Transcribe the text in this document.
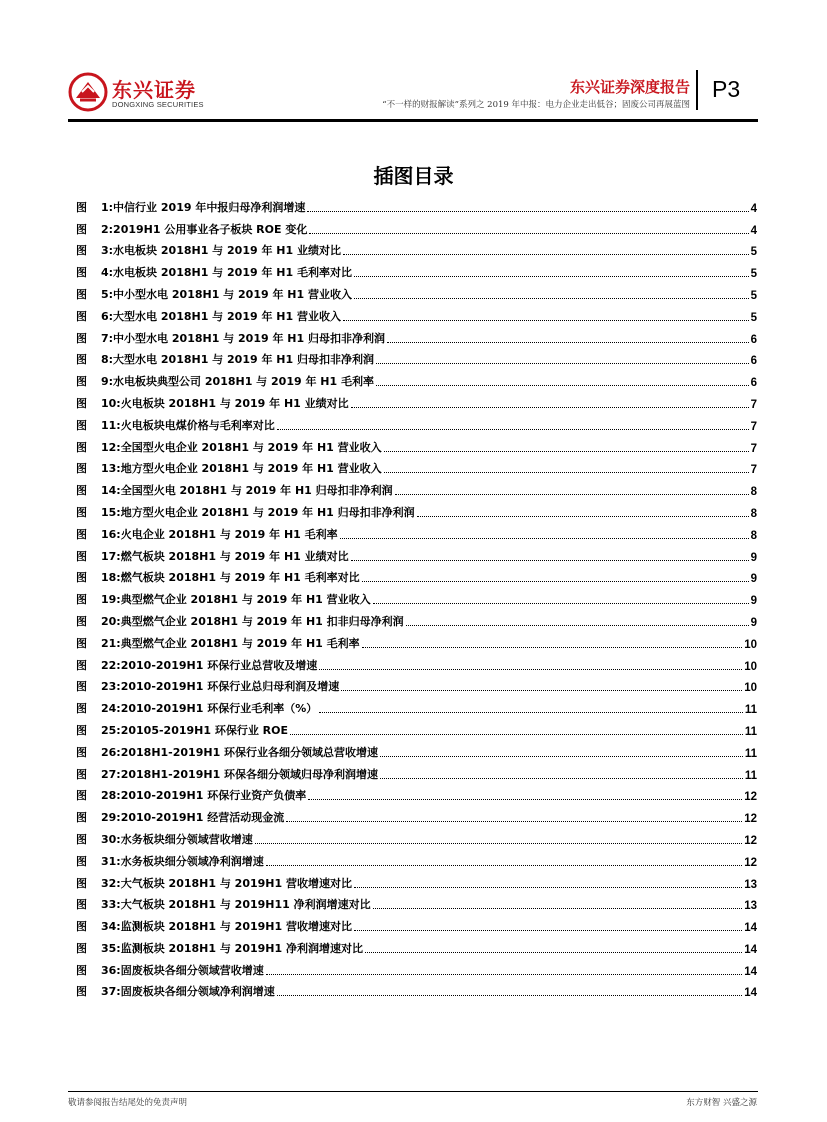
东兴证券
DONGXING SECURITIES
东兴证券深度报告
“不一样的财报解读”系列之 2019 年中报：电力企业走出低谷；固废公司再展蓝图
P3
插图目录
图 1:中信行业 2019 年中报归母净利润增速	4
图 2:2019H1 公用事业各子板块 ROE 变化	4
图 3:水电板块 2018H1 与 2019 年 H1 业绩对比	5
图 4:水电板块 2018H1 与 2019 年 H1 毛利率对比	5
图 5:中小型水电 2018H1 与 2019 年 H1 营业收入	5
图 6:大型水电 2018H1 与 2019 年 H1 营业收入	5
图 7:中小型水电 2018H1 与 2019 年 H1 归母扣非净利润	6
图 8:大型水电 2018H1 与 2019 年 H1 归母扣非净利润	6
图 9:水电板块典型公司 2018H1 与 2019 年 H1 毛利率	6
图 10:火电板块 2018H1 与 2019 年 H1 业绩对比	7
图 11:火电板块电煤价格与毛利率对比	7
图 12:全国型火电企业 2018H1 与 2019 年 H1 营业收入	7
图 13:地方型火电企业 2018H1 与 2019 年 H1 营业收入	7
图 14:全国型火电 2018H1 与 2019 年 H1 归母扣非净利润	8
图 15:地方型火电企业 2018H1 与 2019 年 H1 归母扣非净利润	8
图 16:火电企业 2018H1 与 2019 年 H1 毛利率	8
图 17:燃气板块 2018H1 与 2019 年 H1 业绩对比	9
图 18:燃气板块 2018H1 与 2019 年 H1 毛利率对比	9
图 19:典型燃气企业 2018H1 与 2019 年 H1 营业收入	9
图 20:典型燃气企业 2018H1 与 2019 年 H1 扣非归母净利润	9
图 21:典型燃气企业 2018H1 与 2019 年 H1 毛利率	10
图 22:2010-2019H1 环保行业总营收及增速	10
图 23:2010-2019H1 环保行业总归母利润及增速	10
图 24:2010-2019H1 环保行业毛利率（%）	11
图 25:20105-2019H1 环保行业 ROE	11
图 26:2018H1-2019H1 环保行业各细分领域总营收增速	11
图 27:2018H1-2019H1 环保各细分领域归母净利润增速	11
图 28:2010-2019H1 环保行业资产负债率	12
图 29:2010-2019H1 经营活动现金流	12
图 30:水务板块细分领域营收增速	12
图 31:水务板块细分领域净利润增速	12
图 32:大气板块 2018H1 与 2019H1 营收增速对比	13
图 33:大气板块 2018H1 与 2019H11 净利润增速对比	13
图 34:监测板块 2018H1 与 2019H1 营收增速对比	14
图 35:监测板块 2018H1 与 2019H1 净利润增速对比	14
图 36:固废板块各细分领域营收增速	14
图 37:固废板块各细分领域净利润增速	14
敬请参阅报告结尾处的免责声明	东方财智 兴盛之源
